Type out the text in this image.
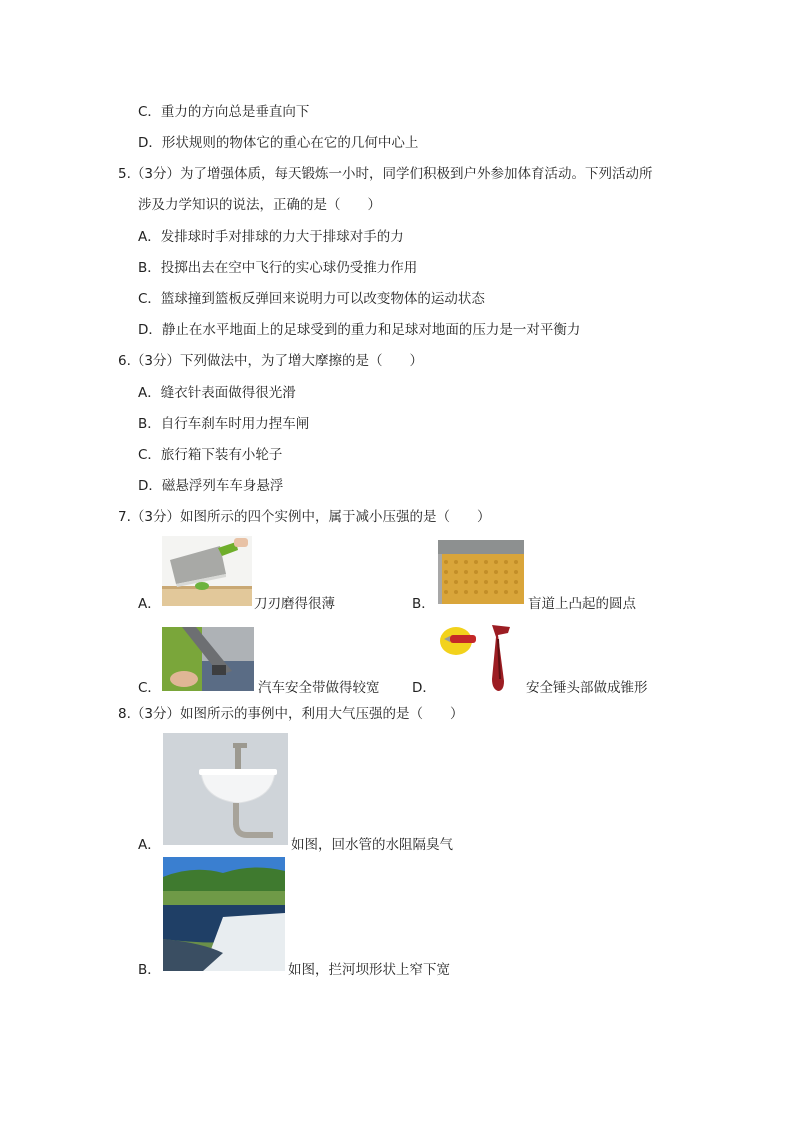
C．重力的方向总是垂直向下
D．形状规则的物体它的重心在它的几何中心上
5.（3分）为了增强体质，每天锻炼一小时，同学们积极到户外参加体育活动。下列活动所
涉及力学知识的说法，正确的是（　　）
A．发排球时手对排球的力大于排球对手的力
B．投掷出去在空中飞行的实心球仍受推力作用
C．篮球撞到篮板反弹回来说明力可以改变物体的运动状态
D．静止在水平地面上的足球受到的重力和足球对地面的压力是一对平衡力
6.（3分）下列做法中，为了增大摩擦的是（　　）
A．缝衣针表面做得很光滑
B．自行车刹车时用力捏车闸
C．旅行箱下装有小轮子
D．磁悬浮列车车身悬浮
7.（3分）如图所示的四个实例中，属于减小压强的是（　　）
A．	刀刃磨得很薄	B．	盲道上凸起的圆点
C．	汽车安全带做得较宽 D．	安全锤头部做成锥形
8.（3分）如图所示的事例中，利用大气压强的是（　　）
A．	如图，回水管的水阻隔臭气
B．	如图，拦河坝形状上窄下宽
